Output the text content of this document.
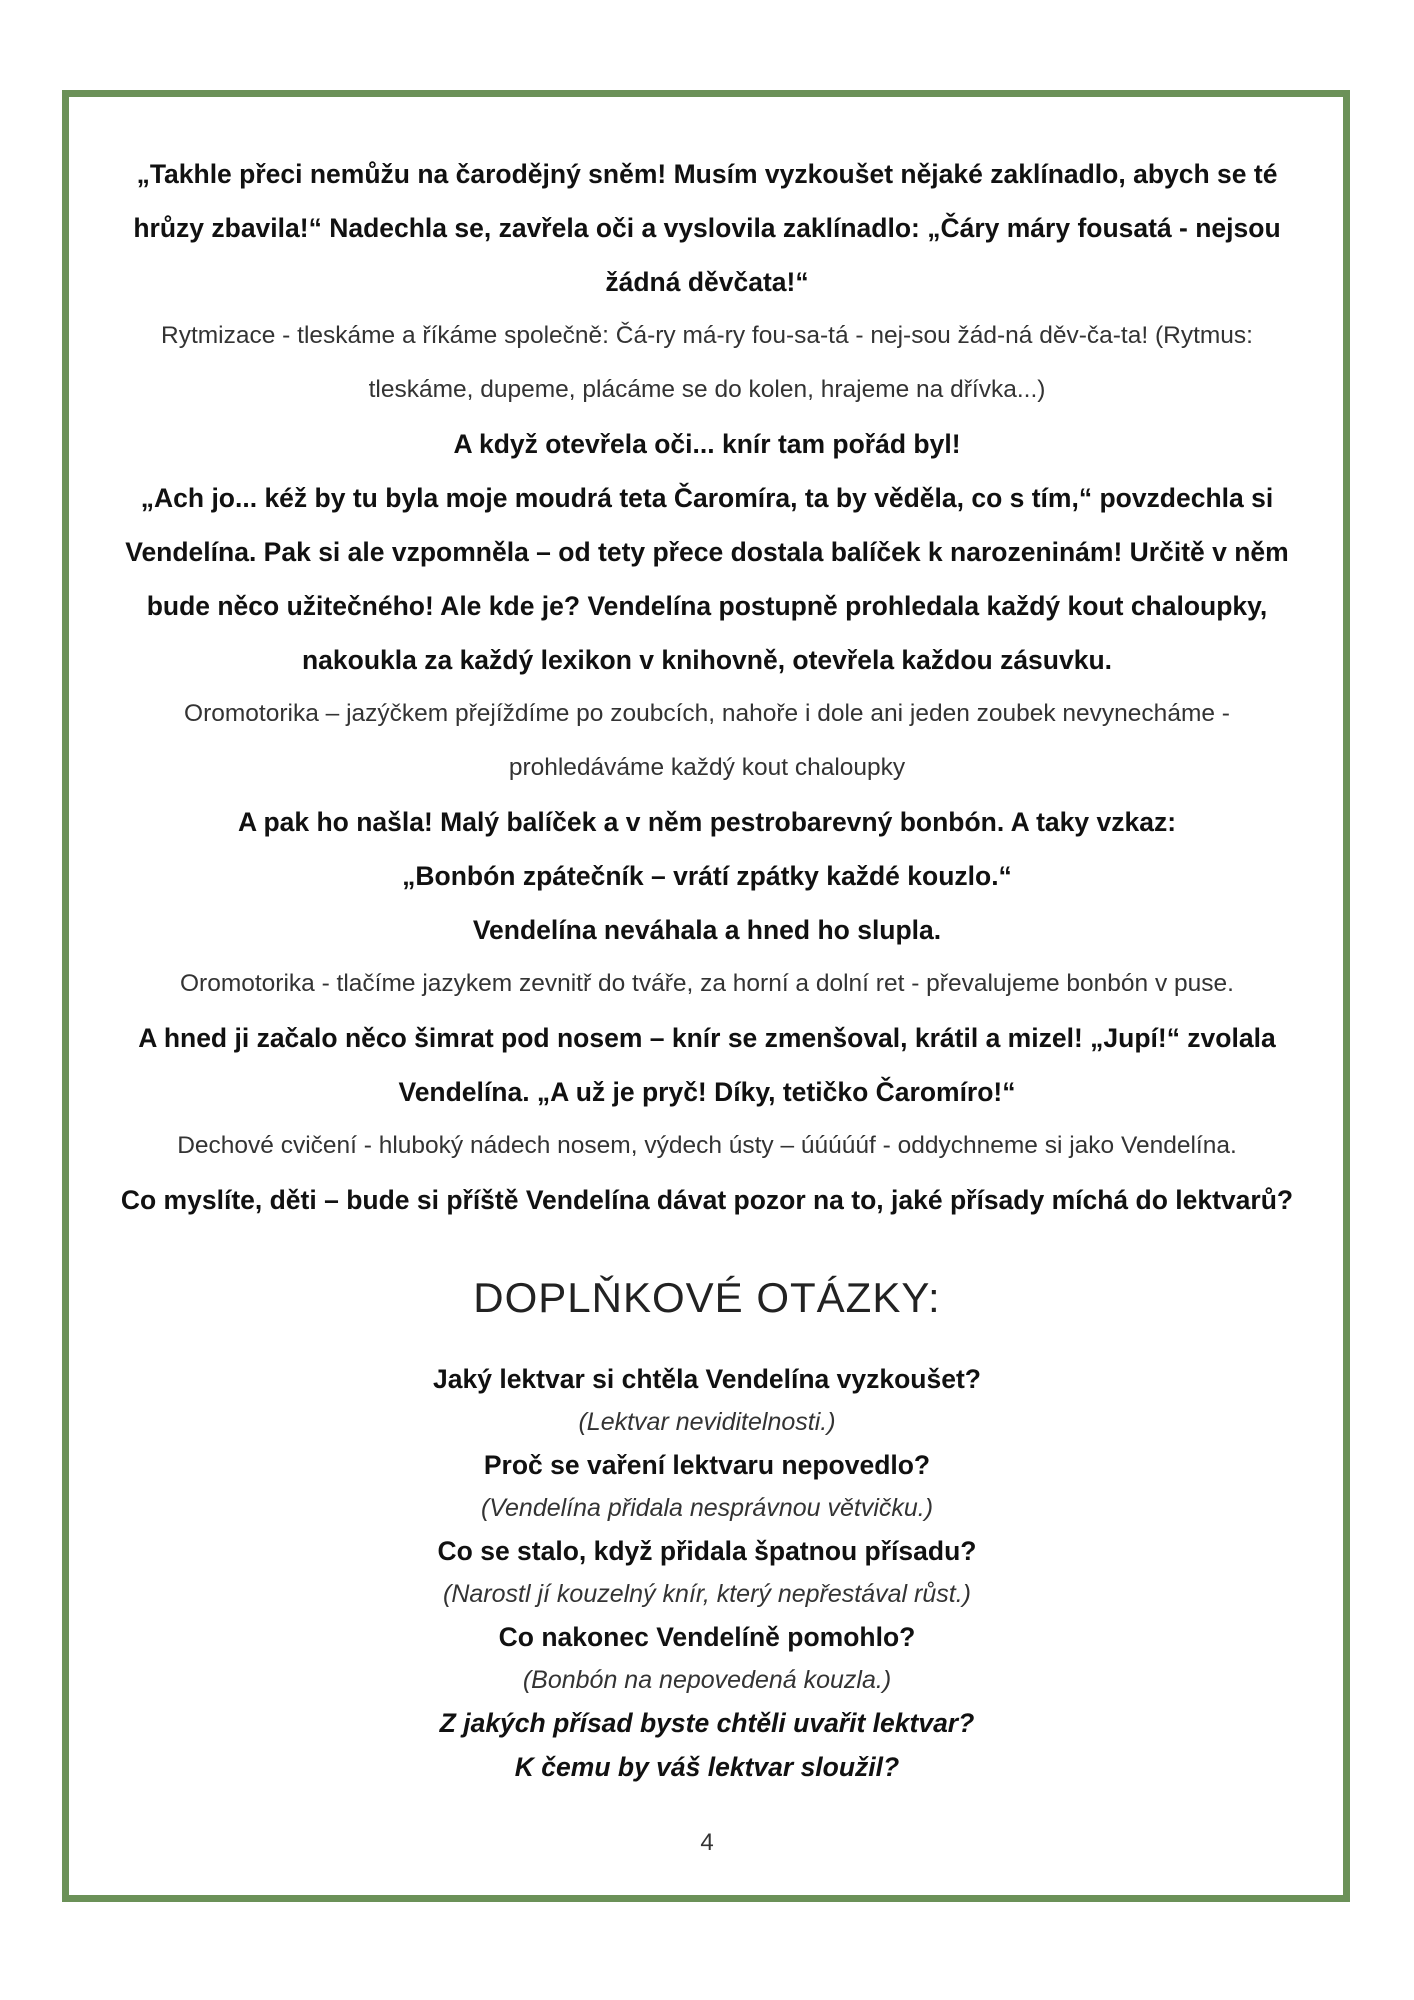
„Takhle přeci nemůžu na čarodějný sněm! Musím vyzkoušet nějaké zaklínadlo, abych se té

hrůzy zbavila!“ Nadechla se, zavřela oči a vyslovila zaklínadlo: „Čáry máry fousatá - nejsou

žádná děvčata!“

Rytmizace - tleskáme a říkáme společně: Čá-ry má-ry fou-sa-tá - nej-sou žád-ná děv-ča-ta! (Rytmus:

tleskáme, dupeme, plácáme se do kolen, hrajeme na dřívka...)

A když otevřela oči... knír tam pořád byl!

„Ach jo... kéž by tu byla moje moudrá teta Čaromíra, ta by věděla, co s tím,“ povzdechla si

Vendelína. Pak si ale vzpomněla – od tety přece dostala balíček k narozeninám! Určitě v něm

bude něco užitečného! Ale kde je? Vendelína postupně prohledala každý kout chaloupky,

nakoukla za každý lexikon v knihovně, otevřela každou zásuvku.

Oromotorika – jazýčkem přejíždíme po zoubcích, nahoře i dole ani jeden zoubek nevynecháme -

prohledáváme každý kout chaloupky

A pak ho našla! Malý balíček a v něm pestrobarevný bonbón. A taky vzkaz:

„Bonbón zpátečník – vrátí zpátky každé kouzlo.“

Vendelína neváhala a hned ho slupla.

Oromotorika - tlačíme jazykem zevnitř do tváře, za horní a dolní ret - převalujeme bonbón v puse.

A hned ji začalo něco šimrat pod nosem – knír se zmenšoval, krátil a mizel! „Jupí!“ zvolala

Vendelína. „A už je pryč! Díky, tetičko Čaromíro!“

Dechové cvičení - hluboký nádech nosem, výdech ústy – úúúúúf - oddychneme si jako Vendelína.

Co myslíte, děti – bude si příště Vendelína dávat pozor na to, jaké přísady míchá do lektvarů?

DOPLŇKOVÉ OTÁZKY:

Jaký lektvar si chtěla Vendelína vyzkoušet?

(Lektvar neviditelnosti.)

Proč se vaření lektvaru nepovedlo?

(Vendelína přidala nesprávnou větvičku.)

Co se stalo, když přidala špatnou přísadu?

(Narostl jí kouzelný knír, který nepřestával růst.)

Co nakonec Vendelíně pomohlo?

(Bonbón na nepovedená kouzla.)

Z jakých přísad byste chtěli uvařit lektvar?

K čemu by váš lektvar sloužil?

4
